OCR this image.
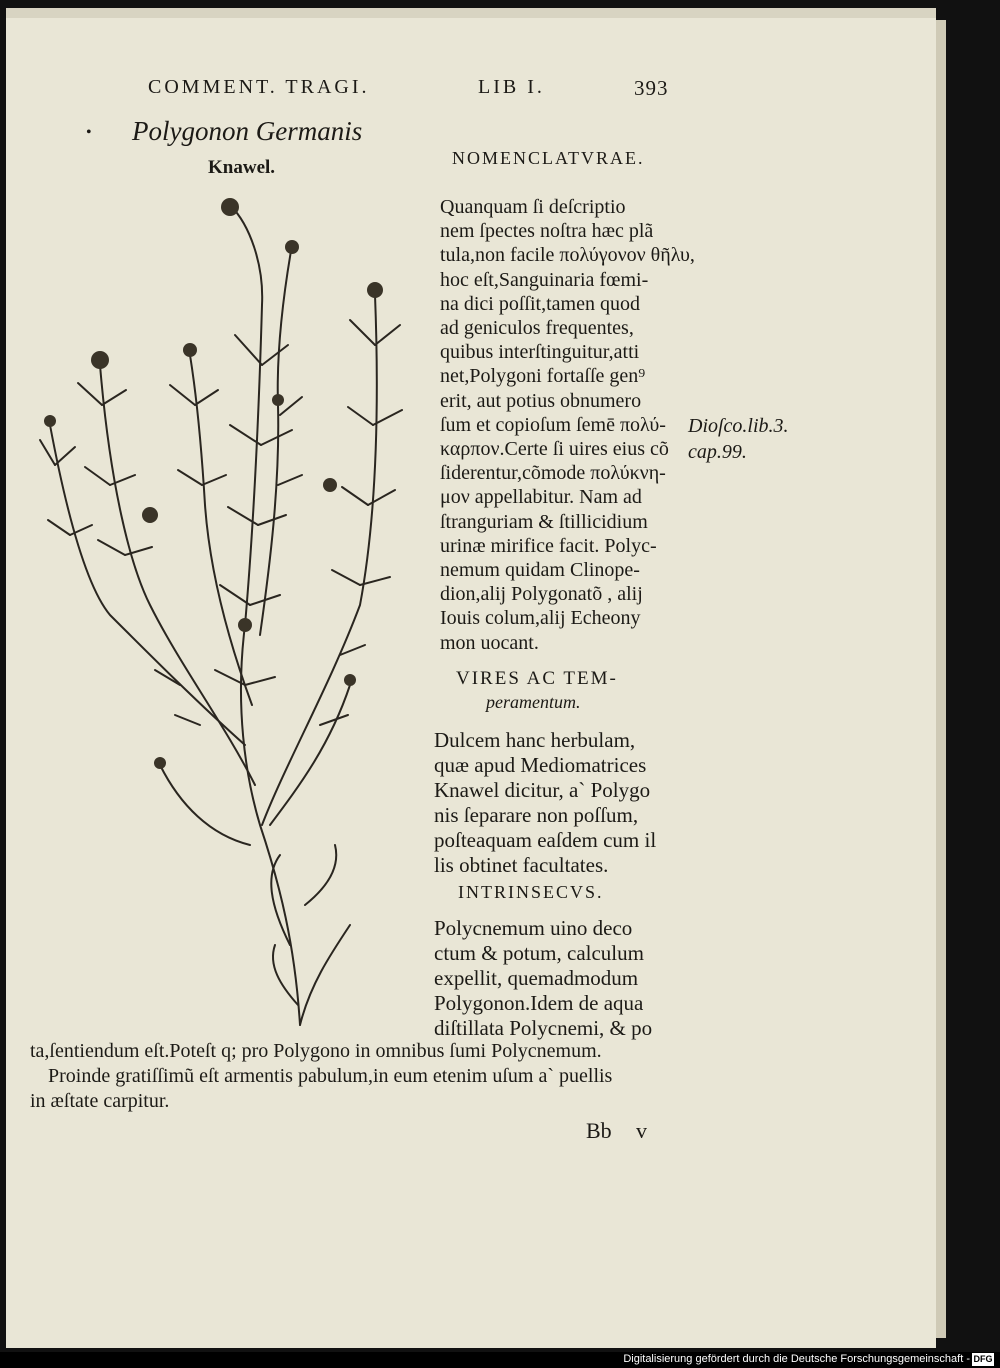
COMMENT. TRAGI.	LIB I.	393
• Polygonon Germanis
Knawel.	NOMENCLATVRAE.
Quanquam ſi deſcriptio
nem ſpectes noſtra hæc plã
tula,non facile πολύγονον θῆλυ,
hoc eſt,Sanguinaria fœmi-
na dici poſſit,tamen quod
ad geniculos frequentes,
quibus interſtinguitur,atti
net,Polygoni fortaſſe gen⁹
erit, aut potius obnumero
ſum et copioſum ſemē πολύ-
καρπον.Certe ſi uires eius cõ
ſiderentur,cõmode πολύκνη-
μον appellabitur. Nam ad
ſtranguriam & ſtillicidium
urinæ mirifice facit. Polyc-
nemum quidam Clinope-
dion,alij Polygonatõ , alij
Iouis colum,alij Echeony
mon uocant.
Dioſco.lib.3.
cap.99.
VIRES AC TEM-
peramentum.
Dulcem hanc herbulam,
quæ apud Mediomatrices
Knawel dicitur, a` Polygo
nis ſeparare non poſſum,
poſteaquam eaſdem cum il
lis obtinet facultates.
INTRINSECVS.
Polycnemum uino deco
ctum & potum, calculum
expellit, quemadmodum
Polygonon.Idem de aqua
diſtillata Polycnemi, & po
ta,ſentiendum eſt.Poteſt q; pro Polygono in omnibus ſumi Polycnemum.
Proinde gratiſſimũ eſt armentis pabulum,in eum etenim uſum a` puellis
in æſtate carpitur.
Bb v
Digitalisierung gefördert durch die Deutsche Forschungsgemeinschaft - DFG
